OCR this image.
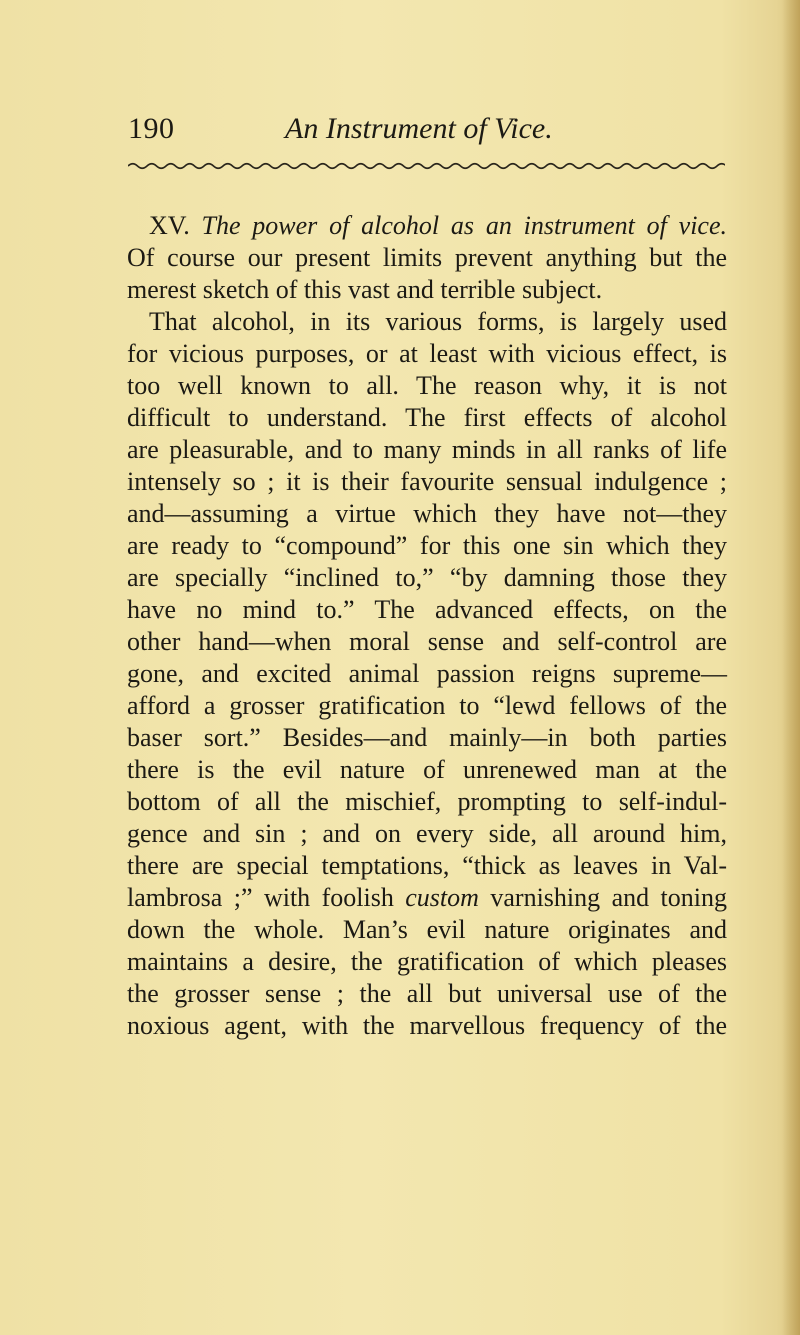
190	An Instrument of Vice.
XV. The power of alcohol as an instrument of vice.
Of course our present limits prevent anything but the
merest sketch of this vast and terrible subject.
That alcohol, in its various forms, is largely used
for vicious purposes, or at least with vicious effect, is
too well known to all. The reason why, it is not
difficult to understand. The first effects of alcohol
are pleasurable, and to many minds in all ranks of life
intensely so ; it is their favourite sensual indulgence ;
and—assuming a virtue which they have not—they
are ready to “compound” for this one sin which they
are specially “inclined to,” “by damning those they
have no mind to.” The advanced effects, on the
other hand—when moral sense and self-control are
gone, and excited animal passion reigns supreme—
afford a grosser gratification to “lewd fellows of the
baser sort.” Besides—and mainly—in both parties
there is the evil nature of unrenewed man at the
bottom of all the mischief, prompting to self-indul-
gence and sin ; and on every side, all around him,
there are special temptations, “thick as leaves in Val-
lambrosa ;” with foolish custom varnishing and toning
down the whole. Man’s evil nature originates and
maintains a desire, the gratification of which pleases
the grosser sense ; the all but universal use of the
noxious agent, with the marvellous frequency of the
